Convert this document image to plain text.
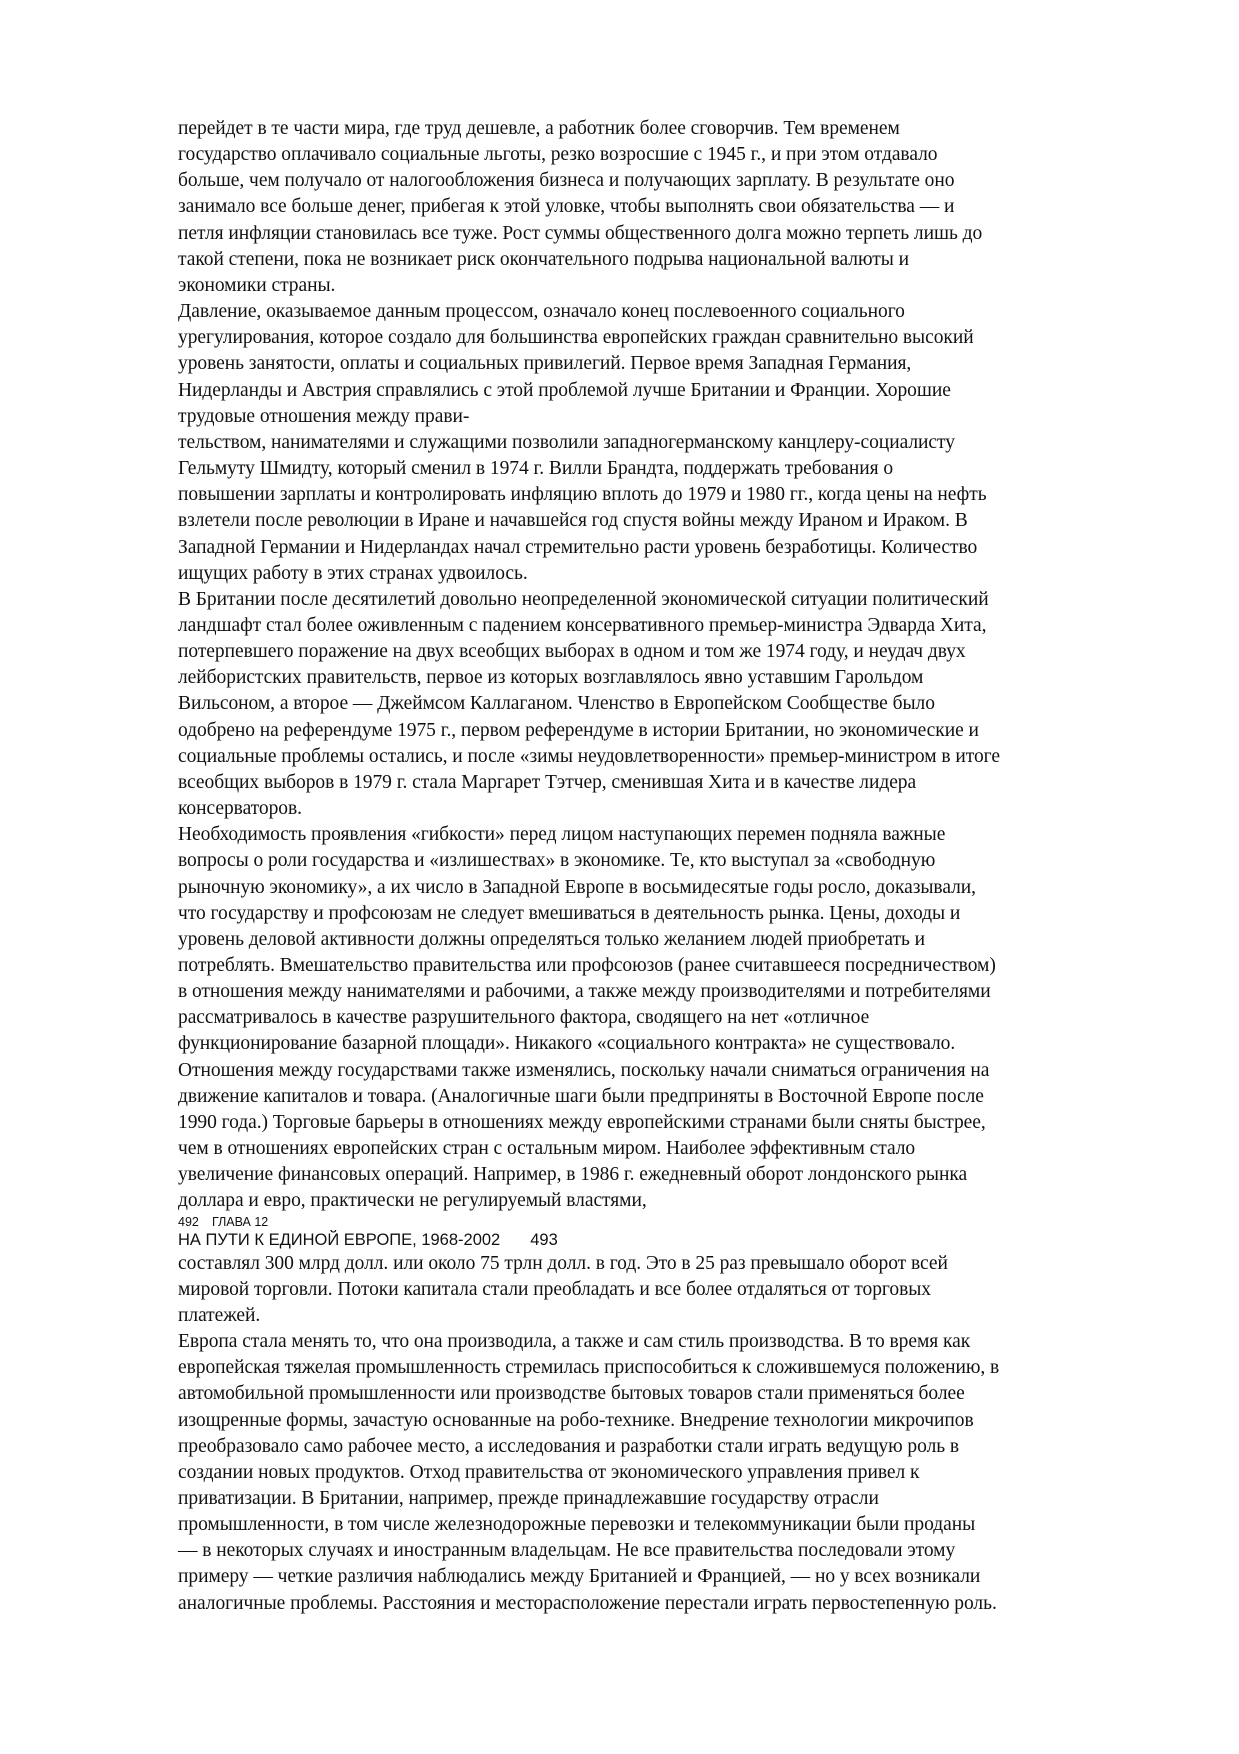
перейдет в те части мира, где труд дешевле, а работник более сговорчив. Тем временем
государство оплачивало социальные льготы, резко возросшие с 1945 г., и при этом отдавало
больше, чем получало от налогообложения бизнеса и получающих зарплату. В результате оно
занимало все больше денег, прибегая к этой уловке, чтобы выполнять свои обязательства — и
петля инфляции становилась все туже. Рост суммы общественного долга можно терпеть лишь до
такой степени, пока не возникает риск окончательного подрыва национальной валюты и
экономики страны.

Давление, оказываемое данным процессом, означало конец послевоенного социального
урегулирования, которое создало для большинства европейских граждан сравнительно высокий
уровень занятости, оплаты и социальных привилегий. Первое время Западная Германия,
Нидерланды и Австрия справлялись с этой проблемой лучше Британии и Франции. Хорошие
трудовые отношения между прави-

тельством, нанимателями и служащими позволили западногерманскому канцлеру-социалисту
Гельмуту Шмидту, который сменил в 1974 г. Вилли Брандта, поддержать требования о
повышении зарплаты и контролировать инфляцию вплоть до 1979 и 1980 гг., когда цены на нефть
взлетели после революции в Иране и начавшейся год спустя войны между Ираном и Ираком. В
Западной Германии и Нидерландах начал стремительно расти уровень безработицы. Количество
ищущих работу в этих странах удвоилось.

В Британии после десятилетий довольно неопределенной экономической ситуации политический
ландшафт стал более оживленным с падением консервативного премьер-министра Эдварда Хита,
потерпевшего поражение на двух всеобщих выборах в одном и том же 1974 году, и неудач двух
лейбористских правительств, первое из которых возглавлялось явно уставшим Гарольдом
Вильсоном, а второе — Джеймсом Каллаганом. Членство в Европейском Сообществе было
одобрено на референдуме 1975 г., первом референдуме в истории Британии, но экономические и
социальные проблемы остались, и после «зимы неудовлетворенности» премьер-министром в итоге
всеобщих выборов в 1979 г. стала Маргарет Тэтчер, сменившая Хита и в качестве лидера
консерваторов.

Необходимость проявления «гибкости» перед лицом наступающих перемен подняла важные
вопросы о роли государства и «излишествах» в экономике. Те, кто выступал за «свободную
рыночную экономику», а их число в Западной Европе в восьмидесятые годы росло, доказывали,
что государству и профсоюзам не следует вмешиваться в деятельность рынка. Цены, доходы и
уровень деловой активности должны определяться только желанием людей приобретать и
потреблять. Вмешательство правительства или профсоюзов (ранее считавшееся посредничеством)
в отношения между нанимателями и рабочими, а также между производителями и потребителями
рассматривалось в качестве разрушительного фактора, сводящего на нет «отличное
функционирование базарной площади». Никакого «социального контракта» не существовало.

Отношения между государствами также изменялись, поскольку начали сниматься ограничения на
движение капиталов и товара. (Аналогичные шаги были предприняты в Восточной Европе после
1990 года.) Торговые барьеры в отношениях между европейскими странами были сняты быстрее,
чем в отношениях европейских стран с остальным миром. Наиболее эффективным стало
увеличение финансовых операций. Например, в 1986 г. ежедневный оборот лондонского рынка
доллара и евро, практически не регулируемый властями,

492 ГЛАВА 12
НА ПУТИ К ЕДИНОЙ ЕВРОПЕ, 1968-2002 493

составлял 300 млрд долл. или около 75 трлн долл. в год. Это в 25 раз превышало оборот всей
мировой торговли. Потоки капитала стали преобладать и все более отдаляться от торговых
платежей.

Европа стала менять то, что она производила, а также и сам стиль производства. В то время как
европейская тяжелая промышленность стремилась приспособиться к сложившемуся положению, в
автомобильной промышленности или производстве бытовых товаров стали применяться более
изощренные формы, зачастую основанные на робо-технике. Внедрение технологии микрочипов
преобразовало само рабочее место, а исследования и разработки стали играть ведущую роль в
создании новых продуктов. Отход правительства от экономического управления привел к
приватизации. В Британии, например, прежде принадлежавшие государству отрасли
промышленности, в том числе железнодорожные перевозки и телекоммуникации были проданы
— в некоторых случаях и иностранным владельцам. Не все правительства последовали этому
примеру — четкие различия наблюдались между Британией и Францией, — но у всех возникали
аналогичные проблемы. Расстояния и месторасположение перестали играть первостепенную роль.
